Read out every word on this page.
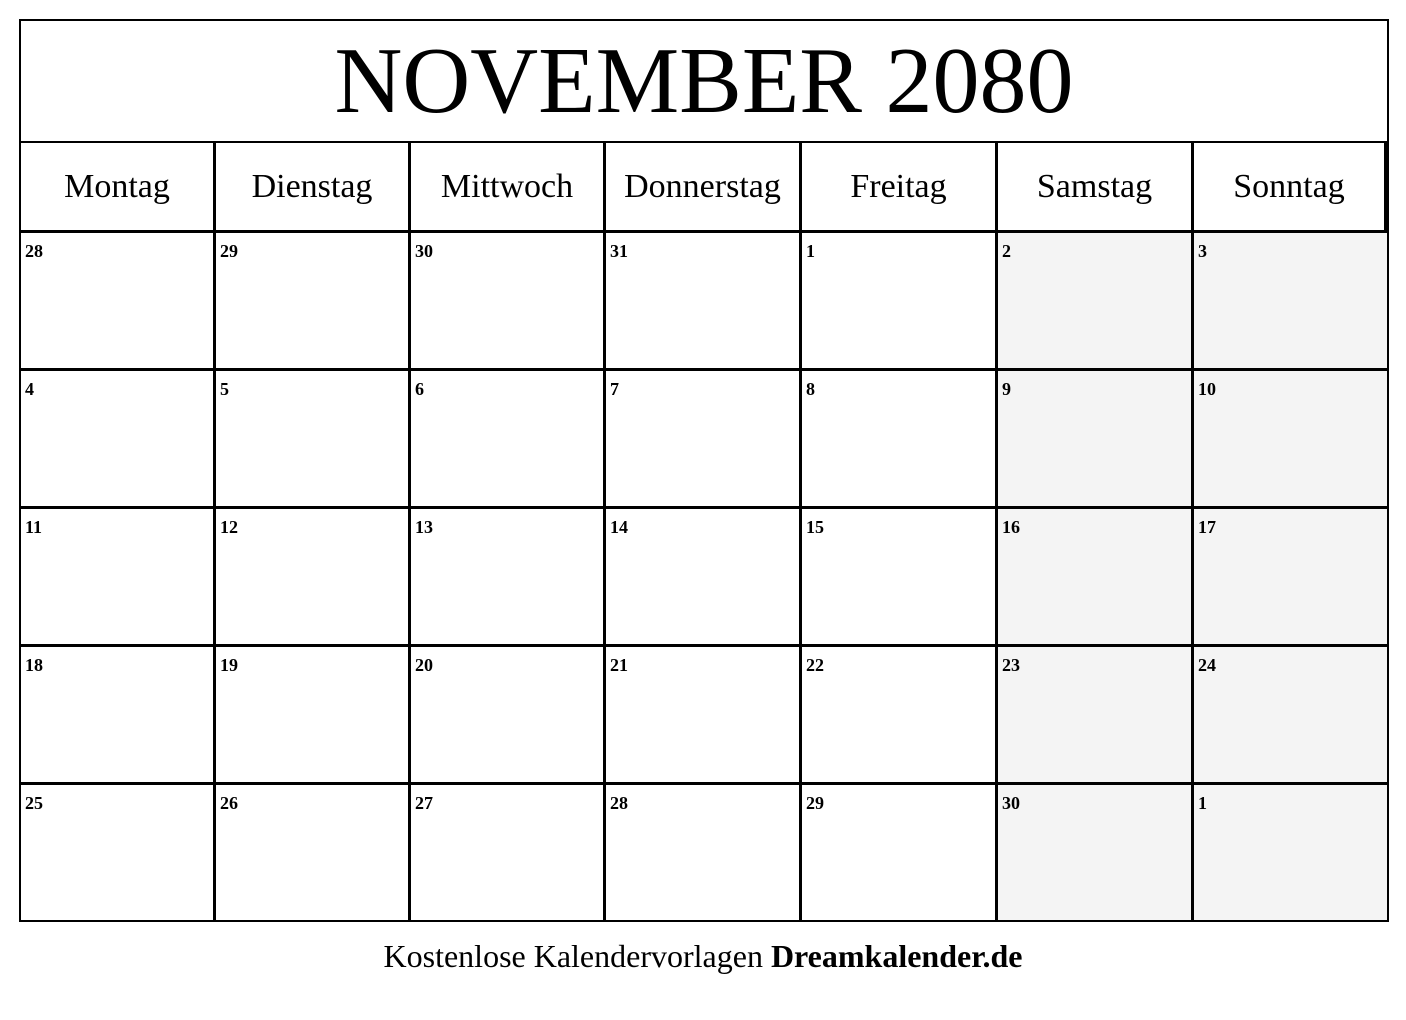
NOVEMBER 2080
Montag	Dienstag	Mittwoch	Donnerstag	Freitag	Samstag	Sonntag
28	29	30	31	1	2	3
4	5	6	7	8	9	10
11	12	13	14	15	16	17
18	19	20	21	22	23	24
25	26	27	28	29	30	1
Kostenlose Kalendervorlagen Dreamkalender.de
